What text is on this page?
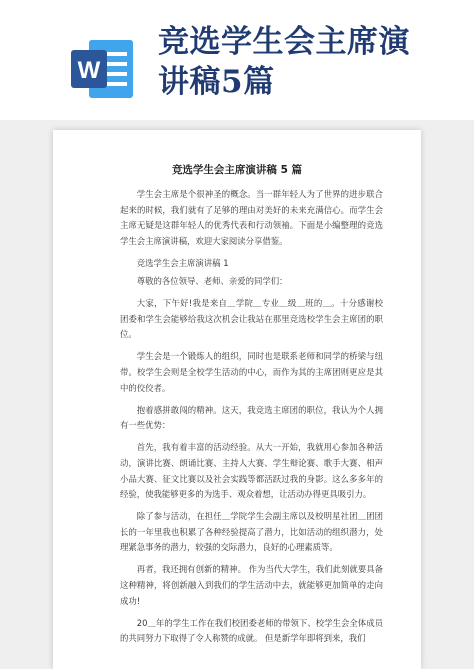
W
竞选学生会主席演
讲稿5篇
竞选学生会主席演讲稿 5 篇

学生会主席是个很神圣的概念。当一群年轻人为了世界的进步联合起来的时候，我们就有了足够的理由对美好的未来充满信心。而学生会主席无疑是这群年轻人的优秀代表和行动领袖。下面是小编整理的竞选学生会主席演讲稿，欢迎大家阅读分享借鉴。

竞选学生会主席演讲稿 1

尊敬的各位领导、老师、亲爱的同学们：

大家，下午好!我是来自＿学院＿专业＿级＿班的＿。十分感谢校团委和学生会能够给我这次机会让我站在那里竞选校学生会主席团的职位。

学生会是一个锻炼人的组织，同时也是联系老师和同学的桥梁与纽带。校学生会则是全校学生活动的中心，而作为其的主席团则更应是其中的佼佼者。

抱着感拼敢闯的精神。这天，我竞选主席团的职位，我认为个人拥有一些优势：

首先，我有着丰富的活动经验。从大一开始，我就用心参加各种活动，演讲比赛、朗诵比赛、主持人大赛、学生辩论赛、歌手大赛、相声小品大赛、征文比赛以及社会实践等都活跃过我的身影。这么多多年的经验，使我能够更多的为选手、观众着想，让活动办得更具吸引力。

除了参与活动，在担任＿学院学生会副主席以及校明星社团＿团团长的一年里我也积累了各种经验提高了潜力，比如活动的组织潜力，处理紧急事务的潜力，较强的交际潜力，良好的心理素质等。

再者，我还拥有创新的精神。 作为当代大学生，我们此刻就要具备这种精神，将创新融入到我们的学生活动中去，就能够更加简单的走向成功!

20＿年的学生工作在我们校团委老师的带领下、校学生会全体成员的共同努力下取得了令人称赞的成就。 但是新学年即将到来，我们
